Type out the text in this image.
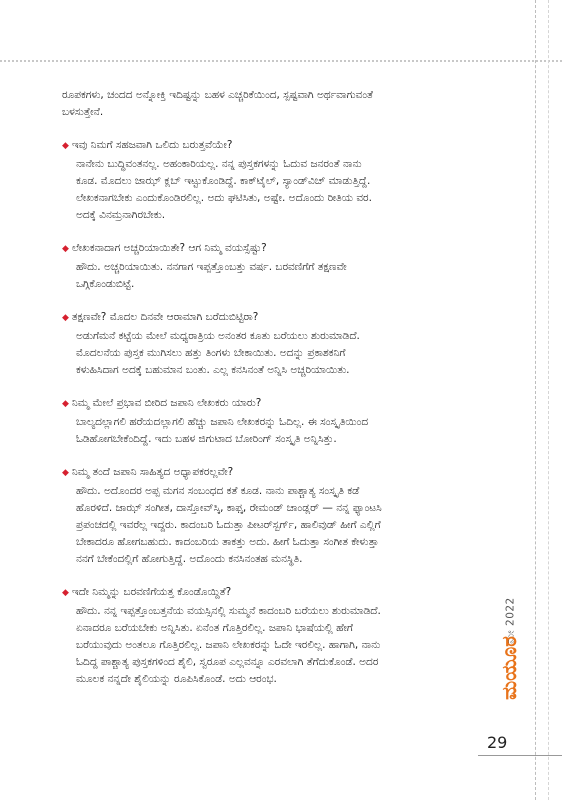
ರೂಪಕಗಳು, ಚಂದದ ಅನ್ನೋಕ್ತಿ ಇದಿಷ್ಟನ್ನು ಬಹಳ ಎಚ್ಚರಿಕೆಯಿಂದ, ಸ್ಪಷ್ಟವಾಗಿ ಅರ್ಥವಾಗುವಂತೆ
ಬಳಸುತ್ತೇನೆ.

◆ ಇವು ನಿಮಗೆ ಸಹಜವಾಗಿ ಒಲಿದು ಬರುತ್ತವೆಯೇ?

ನಾನೇನು ಬುದ್ಧಿವಂತನಲ್ಲ. ಅಹಂಕಾರಿಯಲ್ಲ. ನನ್ನ ಪುಸ್ತಕಗಳನ್ನು ಓದುವ ಜನರಂತೆ ನಾನು
ಕೂಡ. ಮೊದಲು ಜಾಝ್ ಕ್ಲಬ್ ಇಟ್ಟುಕೊಂಡಿದ್ದೆ. ಕಾಕ್‌ಟೈಲ್, ಸ್ಯಾಂಡ್‌ವಿಚ್ ಮಾಡುತ್ತಿದ್ದೆ.
ಲೇಖಕನಾಗಬೇಕು ಎಂದುಕೊಂಡಿರಲಿಲ್ಲ. ಅದು ಘಟಿಸಿತು, ಅಷ್ಟೇ. ಅದೊಂದು ರೀತಿಯ ವರ.
ಅದಕ್ಕೆ ವಿನಮ್ರನಾಗಿರಬೇಕು.

◆ ಲೇಖಕನಾದಾಗ ಅಚ್ಚರಿಯಾಯಿತೇ? ಆಗ ನಿಮ್ಮ ವಯಸ್ಸೆಷ್ಟು?

ಹೌದು. ಅಚ್ಚರಿಯಾಯಿತು. ನನಗಾಗ ಇಪ್ಪತ್ತೊಂಬತ್ತು ವರ್ಷ. ಬರವಣಿಗೆಗೆ ತಕ್ಷಣವೇ
ಒಗ್ಗಿಕೊಂಡುಬಿಟ್ಟೆ.

◆ ತಕ್ಷಣವೇ? ಮೊದಲ ದಿನವೇ ಆರಾಮಾಗಿ ಬರೆದುಬಿಟ್ಟಿರಾ?

ಅಡುಗೆಮನೆ ಕಟ್ಟೆಯ ಮೇಲೆ ಮಧ್ಯರಾತ್ರಿಯ ಅನಂತರ ಕೂತು ಬರೆಯಲು ಶುರುಮಾಡಿದೆ.
ಮೊದಲನೆಯ ಪುಸ್ತಕ ಮುಗಿಸಲು ಹತ್ತು ತಿಂಗಳು ಬೇಕಾಯಿತು. ಅದನ್ನು ಪ್ರಕಾಶಕನಿಗೆ
ಕಳುಹಿಸಿದಾಗ ಅದಕ್ಕೆ ಬಹುಮಾನ ಬಂತು. ಎಲ್ಲ ಕನಸಿನಂತೆ ಅನ್ನಿಸಿ ಅಚ್ಚರಿಯಾಯಿತು.

◆ ನಿಮ್ಮ ಮೇಲೆ ಪ್ರಭಾವ ಬೀರಿದ ಜಪಾನಿ ಲೇಖಕರು ಯಾರು?

ಬಾಲ್ಯದಲ್ಲಾಗಲಿ ಹರೆಯದಲ್ಲಾಗಲಿ ಹೆಚ್ಚು ಜಪಾನಿ ಲೇಖಕರನ್ನು ಓದಿಲ್ಲ. ಈ ಸಂಸ್ಕೃತಿಯಿಂದ
ಓಡಿಹೋಗಬೇಕೆಂದಿದ್ದೆ. ಇದು ಬಹಳ ಜಿಗುಟಾದ ಬೋರಿಂಗ್ ಸಂಸ್ಕೃತಿ ಅನ್ನಿಸಿತ್ತು.

◆ ನಿಮ್ಮ ತಂದೆ ಜಪಾನಿ ಸಾಹಿತ್ಯದ ಅಧ್ಯಾಪಕರಲ್ಲವೇ?

ಹೌದು. ಅದೊಂದರ ಅಪ್ಪ ಮಗನ ಸಂಬಂಧದ ಕತೆ ಕೂಡ. ನಾನು ಪಾಶ್ಚಾತ್ಯ ಸಂಸ್ಕೃತಿ ಕಡೆ
ಹೊರಳಿದೆ. ಜಾಝ್ ಸಂಗೀತ, ದಾಸ್ತೋವ್‌ಸ್ಕಿ, ಕಾಫ್ಕ, ರೇಮಂಡ್ ಚಾಂಡ್ಲರ್ — ನನ್ನ ಫ್ಯಾಂಟಸಿ
ಪ್ರಪಂಚದಲ್ಲಿ ಇವರೆಲ್ಲ ಇದ್ದರು. ಕಾದಂಬರಿ ಓದುತ್ತಾ ಪೀಟರ್‌ಸ್ಬರ್ಗ್, ಹಾಲಿವುಡ್ ಹೀಗೆ ಎಲ್ಲಿಗೆ
ಬೇಕಾದರೂ ಹೋಗಬಹುದು. ಕಾದಂಬರಿಯ ತಾಕತ್ತು ಅದು. ಹೀಗೆ ಓದುತ್ತಾ ಸಂಗೀತ ಕೇಳುತ್ತಾ
ನನಗೆ ಬೇಕೆಂದಲ್ಲಿಗೆ ಹೋಗುತ್ತಿದ್ದೆ. ಅದೊಂದು ಕನಸಿನಂತಹ ಮನಸ್ಥಿತಿ.

◆ ಇದೇ ನಿಮ್ಮನ್ನು ಬರವಣಿಗೆಯತ್ತ ಕೊಂಡೊಯ್ದಿತೆ?

ಹೌದು. ನನ್ನ ಇಪ್ಪತ್ತೊಂಬತ್ತನೆಯ ವಯಸ್ಸಿನಲ್ಲಿ ಸುಮ್ಮನೆ ಕಾದಂಬರಿ ಬರೆಯಲು ಶುರುಮಾಡಿದೆ.
ಏನಾದರೂ ಬರೆಯಬೇಕು ಅನ್ನಿಸಿತು. ಏನೆಂತ ಗೊತ್ತಿರಲಿಲ್ಲ. ಜಪಾನಿ ಭಾಷೆಯಲ್ಲಿ ಹೇಗೆ
ಬರೆಯುವುದು ಅಂತಲೂ ಗೊತ್ತಿರಲಿಲ್ಲ. ಜಪಾನಿ ಲೇಖಕರನ್ನು ಓದೇ ಇರಲಿಲ್ಲ. ಹಾಗಾಗಿ, ನಾನು
ಓದಿದ್ದ ಪಾಶ್ಚಾತ್ಯ ಪುಸ್ತಕಗಳಿಂದ ಶೈಲಿ, ಸ್ವರೂಪ ಎಲ್ಲವನ್ನೂ ಎರವಲಾಗಿ ತೆಗೆದುಕೊಂಡೆ. ಅದರ
ಮೂಲಕ ನನ್ನದೇ ಶೈಲಿಯನ್ನು ರೂಪಿಸಿಕೊಂಡೆ. ಅದು ಆರಂಭ.

ಮೇ 2022
ಮಯೂರ
29
